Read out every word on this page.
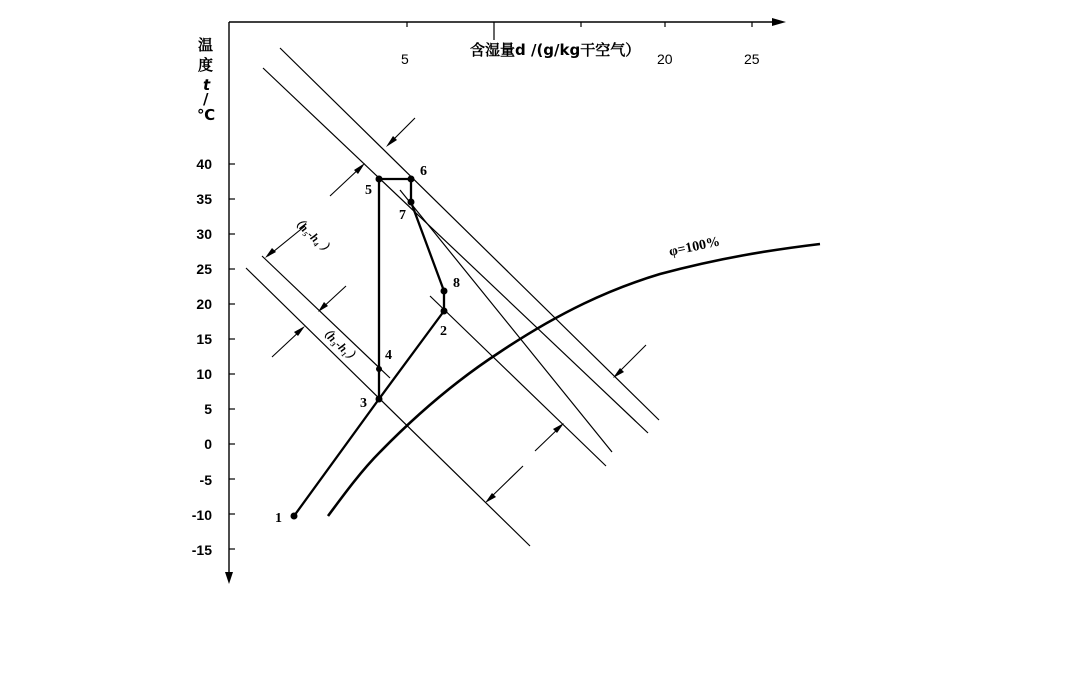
含湿量d /(g/kg干空气）
温
度
t
/
℃
5	20	25
40
35
30
25
20
15
10
5
0
-5
-10
-15
1
2
3
4
5
6
7
8
φ=100%
（h₅-h₄ ）
（h₃-h₁）
